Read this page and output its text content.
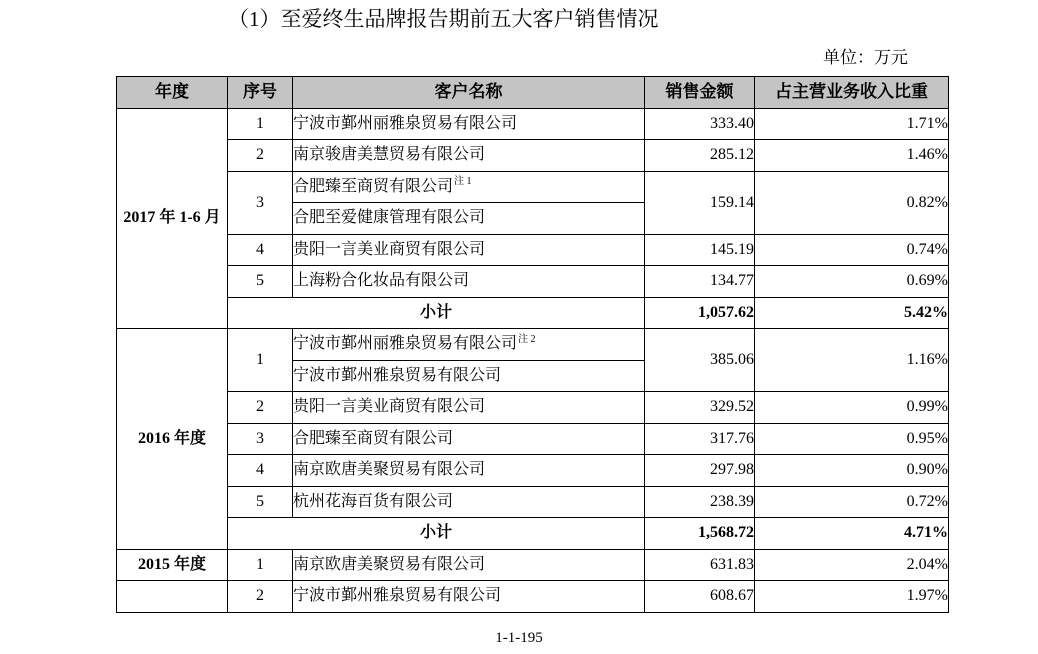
（1）至爱终生品牌报告期前五大客户销售情况
单位：万元
年度	序号	客户名称	销售金额	占主营业务收入比重
2017 年 1-6 月	1	宁波市鄞州丽雅泉贸易有限公司	333.40	1.71%
	2	南京骏唐美慧贸易有限公司	285.12	1.46%
	3	合肥臻至商贸有限公司$^{注 1}$	159.14	0.82%
		合肥至爱健康管理有限公司		
	4	贵阳一言美业商贸有限公司	145.19	0.74%
	5	上海粉合化妆品有限公司	134.77	0.69%
	小计		1,057.62	5.42%
2016 年度	1	宁波市鄞州丽雅泉贸易有限公司$^{注 2}$	385.06	1.16%
		宁波市鄞州雅泉贸易有限公司		
	2	贵阳一言美业商贸有限公司	329.52	0.99%
	3	合肥臻至商贸有限公司	317.76	0.95%
	4	南京欧唐美聚贸易有限公司	297.98	0.90%
	5	杭州花海百货有限公司	238.39	0.72%
	小计		1,568.72	4.71%
2015 年度	1	南京欧唐美聚贸易有限公司	631.83	2.04%
	2	宁波市鄞州雅泉贸易有限公司	608.67	1.97%
1-1-195
